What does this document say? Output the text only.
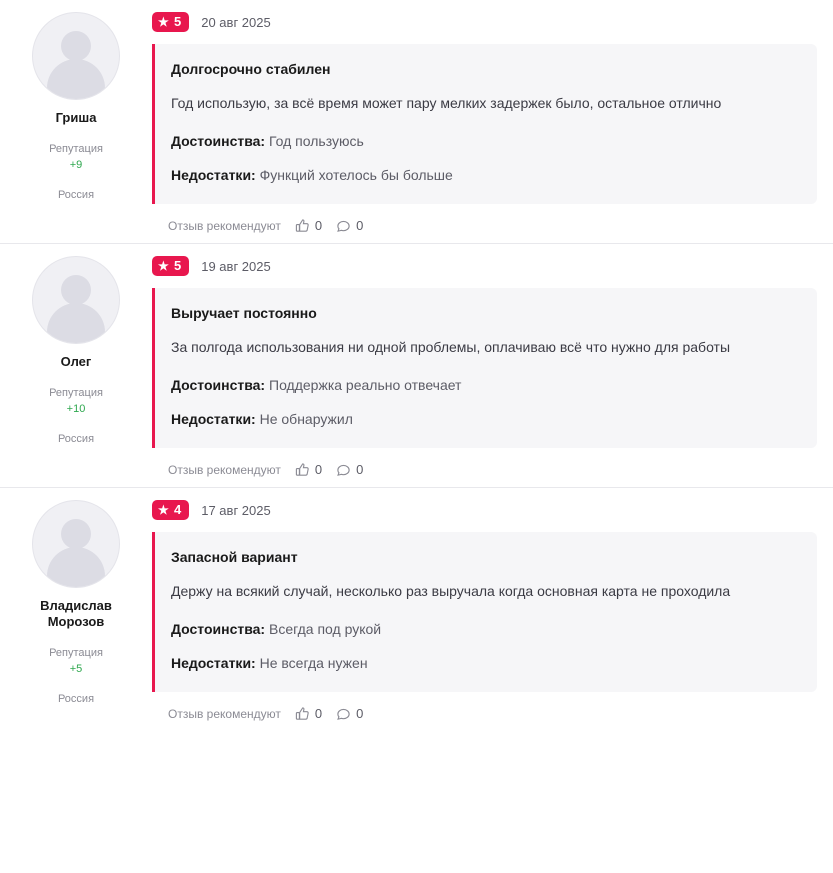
Гриша
Репутация
+9
Россия
★ 5 20 авг 2025
Долгосрочно стабилен

Год использую, за всё время может пару мелких задержек было, остальное отлично

Достоинства: Год пользуюсь

Недостатки: Функций хотелось бы больше

Отзыв рекомендуют	0	0
Олег
Репутация
+10
Россия
★ 5 19 авг 2025
Выручает постоянно

За полгода использования ни одной проблемы, оплачиваю всё что нужно для работы

Достоинства: Поддержка реально отвечает

Недостатки: Не обнаружил

Отзыв рекомендуют	0	0
Владислав Морозов
Репутация
+5
Россия
★ 4 17 авг 2025
Запасной вариант

Держу на всякий случай, несколько раз выручала когда основная карта не проходила

Достоинства: Всегда под рукой

Недостатки: Не всегда нужен

Отзыв рекомендуют	0	0
